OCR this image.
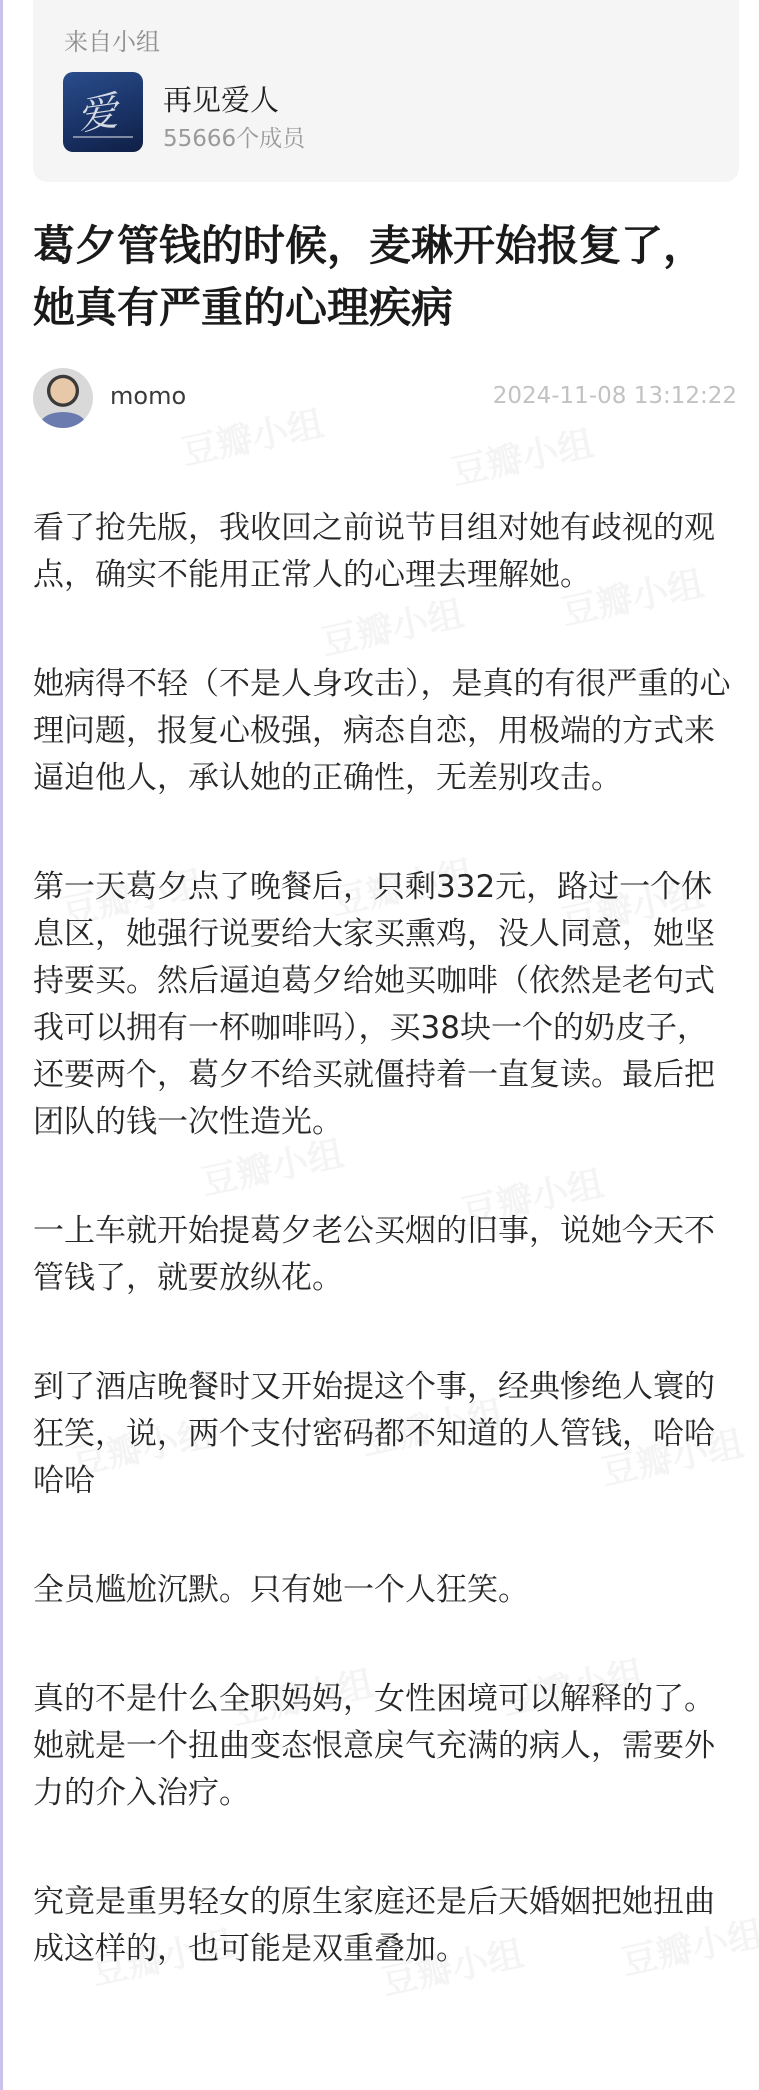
来自小组
爱 再见爱人
55666个成员
葛夕管钱的时候，麦琳开始报复了，她真有严重的心理疾病
momo	2024-11-08 13:12:22

看了抢先版，我收回之前说节目组对她有歧视的观点，确实不能用正常人的心理去理解她。

她病得不轻（不是人身攻击），是真的有很严重的心理问题，报复心极强，病态自恋，用极端的方式来逼迫他人，承认她的正确性，无差别攻击。

第一天葛夕点了晚餐后，只剩332元，路过一个休息区，她强行说要给大家买熏鸡，没人同意，她坚持要买。然后逼迫葛夕给她买咖啡（依然是老句式我可以拥有一杯咖啡吗），买38块一个的奶皮子，还要两个，葛夕不给买就僵持着一直复读。最后把团队的钱一次性造光。

一上车就开始提葛夕老公买烟的旧事，说她今天不管钱了，就要放纵花。

到了酒店晚餐时又开始提这个事，经典惨绝人寰的狂笑，说，两个支付密码都不知道的人管钱，哈哈哈哈

全员尴尬沉默。只有她一个人狂笑。

真的不是什么全职妈妈，女性困境可以解释的了。她就是一个扭曲变态恨意戾气充满的病人，需要外力的介入治疗。

究竟是重男轻女的原生家庭还是后天婚姻把她扭曲成这样的，也可能是双重叠加。
